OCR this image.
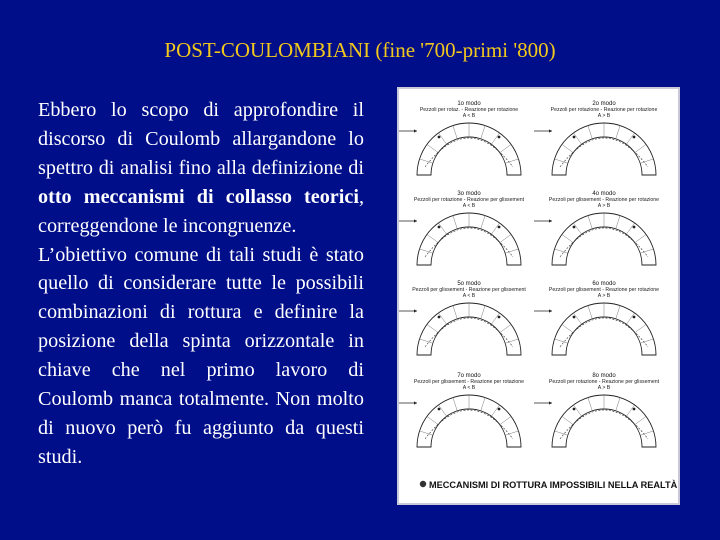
POST-COULOMBIANI (fine '700-primi '800)

Ebbero lo scopo di approfondire il discorso di Coulomb allargandone lo spettro di analisi fino alla definizione di otto meccanismi di collasso teorici, correggendone le incongruenze.

L’obiettivo comune di tali studi è stato quello di considerare tutte le possibili combinazioni di rottura e definire la posizione della spinta orizzontale in chiave che nel primo lavoro di Coulomb manca totalmente. Non molto di nuovo però fu aggiunto da questi studi.

1o modo
Pezzoli per rotaz. - Reazione per rotazione
A < B
2o modo
Pezzoli per rotazione - Reazione per rotazione
A > B
3o modo
Pezzoli per rotazione - Reazione per glissement
A < B
4o modo
Pezzoli per glissement - Reazione per rotazione
A > B
5o modo
Pezzoli per glissement - Reazione per glissement
A < B
6o modo
Pezzoli per glissement - Reazione per rotazione
A > B
7o modo
Pezzoli per glissement - Reazione per rotazione
A < B
8o modo
Pezzoli per rotazione - Reazione per glissement
A > B
MECCANISMI DI ROTTURA IMPOSSIBILI NELLA REALTÀ
